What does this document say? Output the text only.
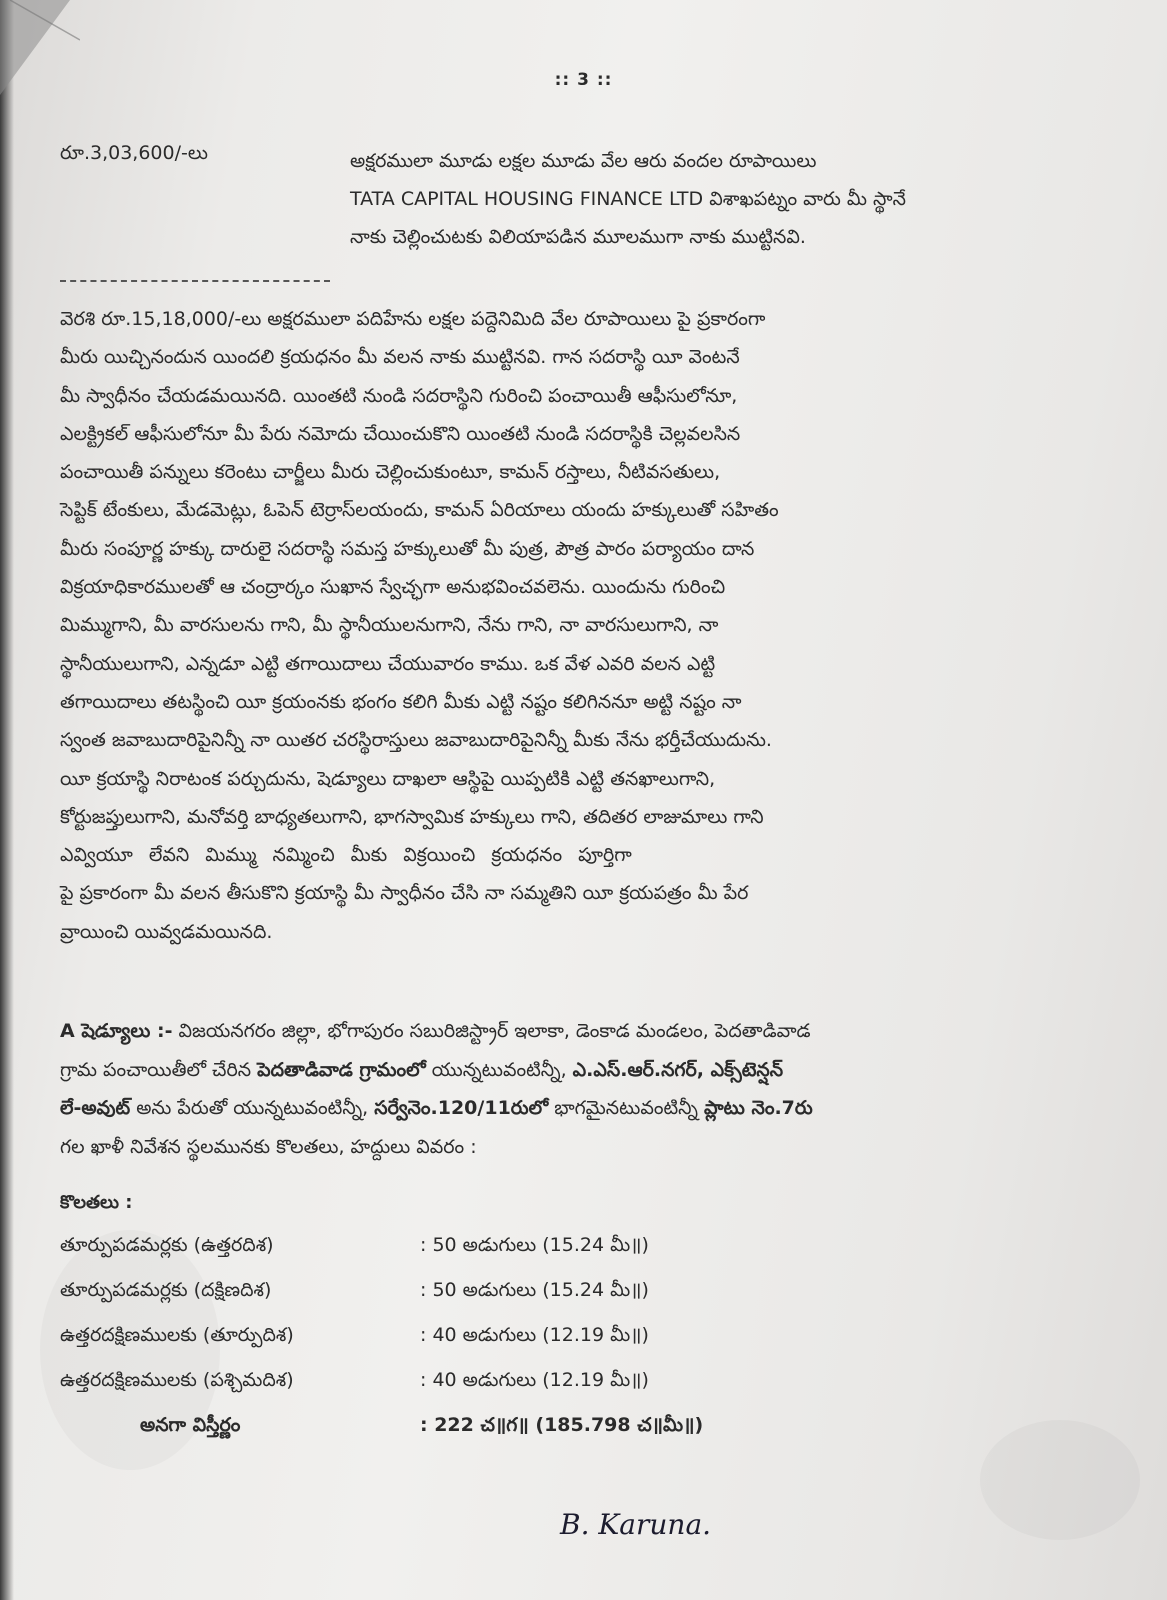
:: 3 ::
రూ.3,03,600/-లు	అక్షరములా మూడు లక్షల మూడు వేల ఆరు వందల రూపాయిలు
TATA CAPITAL HOUSING FINANCE LTD విశాఖపట్నం వారు మీ స్థానే
నాకు చెల్లించుటకు విలియాపడిన మూలముగా నాకు ముట్టినవి.

వెరశి రూ.15,18,000/-లు అక్షరములా పదిహేను లక్షల పద్దెనిమిది వేల రూపాయిలు పై ప్రకారంగా

మీరు యిచ్చినందున యిందలి క్రయధనం మీ వలన నాకు ముట్టినవి. గాన సదరాస్థి యీ వెంటనే

మీ స్వాధీనం చేయడమయినది. యింతటి నుండి సదరాస్థిని గురించి పంచాయితీ ఆఫీసులోనూ,

ఎలక్ట్రికల్ ఆఫీసులోనూ మీ పేరు నమోదు చేయించుకొని యింతటి నుండి సదరాస్థికి చెల్లవలసిన

పంచాయితీ పన్నులు కరెంటు చార్జీలు మీరు చెల్లించుకుంటూ, కామన్ రస్తాలు, నీటివసతులు,

సెప్టిక్ టేంకులు, మేడమెట్లు, ఓపెన్ టెర్రాస్‌లయందు, కామన్ ఏరియాలు యందు హక్కులుతో సహితం

మీరు సంపూర్ణ హక్కు దారులై సదరాస్థి సమస్త హక్కులుతో మీ పుత్ర, పౌత్ర పారం పర్యాయం దాన

విక్రయాధికారములతో ఆ చంద్రార్కం సుఖాన స్వేచ్ఛగా అనుభవించవలెను. యిందును గురించి

మిమ్ముగాని, మీ వారసులను గాని, మీ స్థానీయులనుగాని, నేను గాని, నా వారసులుగాని, నా

స్థానీయులుగాని, ఎన్నడూ ఎట్టి తగాయిదాలు చేయువారం కాము. ఒక వేళ ఎవరి వలన ఎట్టి

తగాయిదాలు తటస్థించి యీ క్రయంనకు భంగం కలిగి మీకు ఎట్టి నష్టం కలిగిననూ అట్టి నష్టం నా

స్వంత జవాబుదారిపైనిన్నీ నా యితర చరస్థిరాస్తులు జవాబుదారిపైనిన్నీ మీకు నేను భర్తీచేయుదును.

యీ క్రయాస్థి నిరాటంక పర్చుదును, షెడ్యూలు దాఖలా ఆస్థిపై యిప్పటికి ఎట్టి తనఖాలుగాని,

కోర్టుజప్తులుగాని, మనోవర్తి బాధ్యతలుగాని, భాగస్వామిక హక్కులు గాని, తదితర లాజుమాలు గాని

ఎవ్వియూ లేవని మిమ్ము నమ్మించి మీకు విక్రయించి క్రయధనం పూర్తిగా

పై ప్రకారంగా మీ వలన తీసుకొని క్రయాస్థి మీ స్వాధీనం చేసి నా సమ్మతిని యీ క్రయపత్రం మీ పేర

వ్రాయించి యివ్వడమయినది.

A షెడ్యూలు :- విజయనగరం జిల్లా, భోగాపురం సబురిజిస్ట్రార్ ఇలాకా, డెంకాడ మండలం, పెదతాడివాడ

గ్రామ పంచాయితీలో చేరిన పెదతాడివాడ గ్రామంలో యున్నటువంటిన్నీ, ఎ.ఎస్.ఆర్.నగర్, ఎక్స్‌టెన్షన్

లే-అవుట్ అను పేరుతో యున్నటువంటిన్నీ, సర్వేనెం.120/11రులో భాగమైనటువంటిన్నీ ప్లాటు నెం.7రు

గల ఖాళీ నివేశన స్థలమునకు కొలతలు, హద్దులు వివరం :

కొలతలు :
తూర్పుపడమర్లకు (ఉత్తరదిశ)	: 50 అడుగులు (15.24 మీ॥)
తూర్పుపడమర్లకు (దక్షిణదిశ)	: 50 అడుగులు (15.24 మీ॥)
ఉత్తరదక్షిణములకు (తూర్పుదిశ)	: 40 అడుగులు (12.19 మీ॥)
ఉత్తరదక్షిణములకు (పశ్చిమదిశ)	: 40 అడుగులు (12.19 మీ॥)
అనగా విస్తీర్ణం	: 222 చ॥గ॥ (185.798 చ॥మీ॥)
B. Karuna.
